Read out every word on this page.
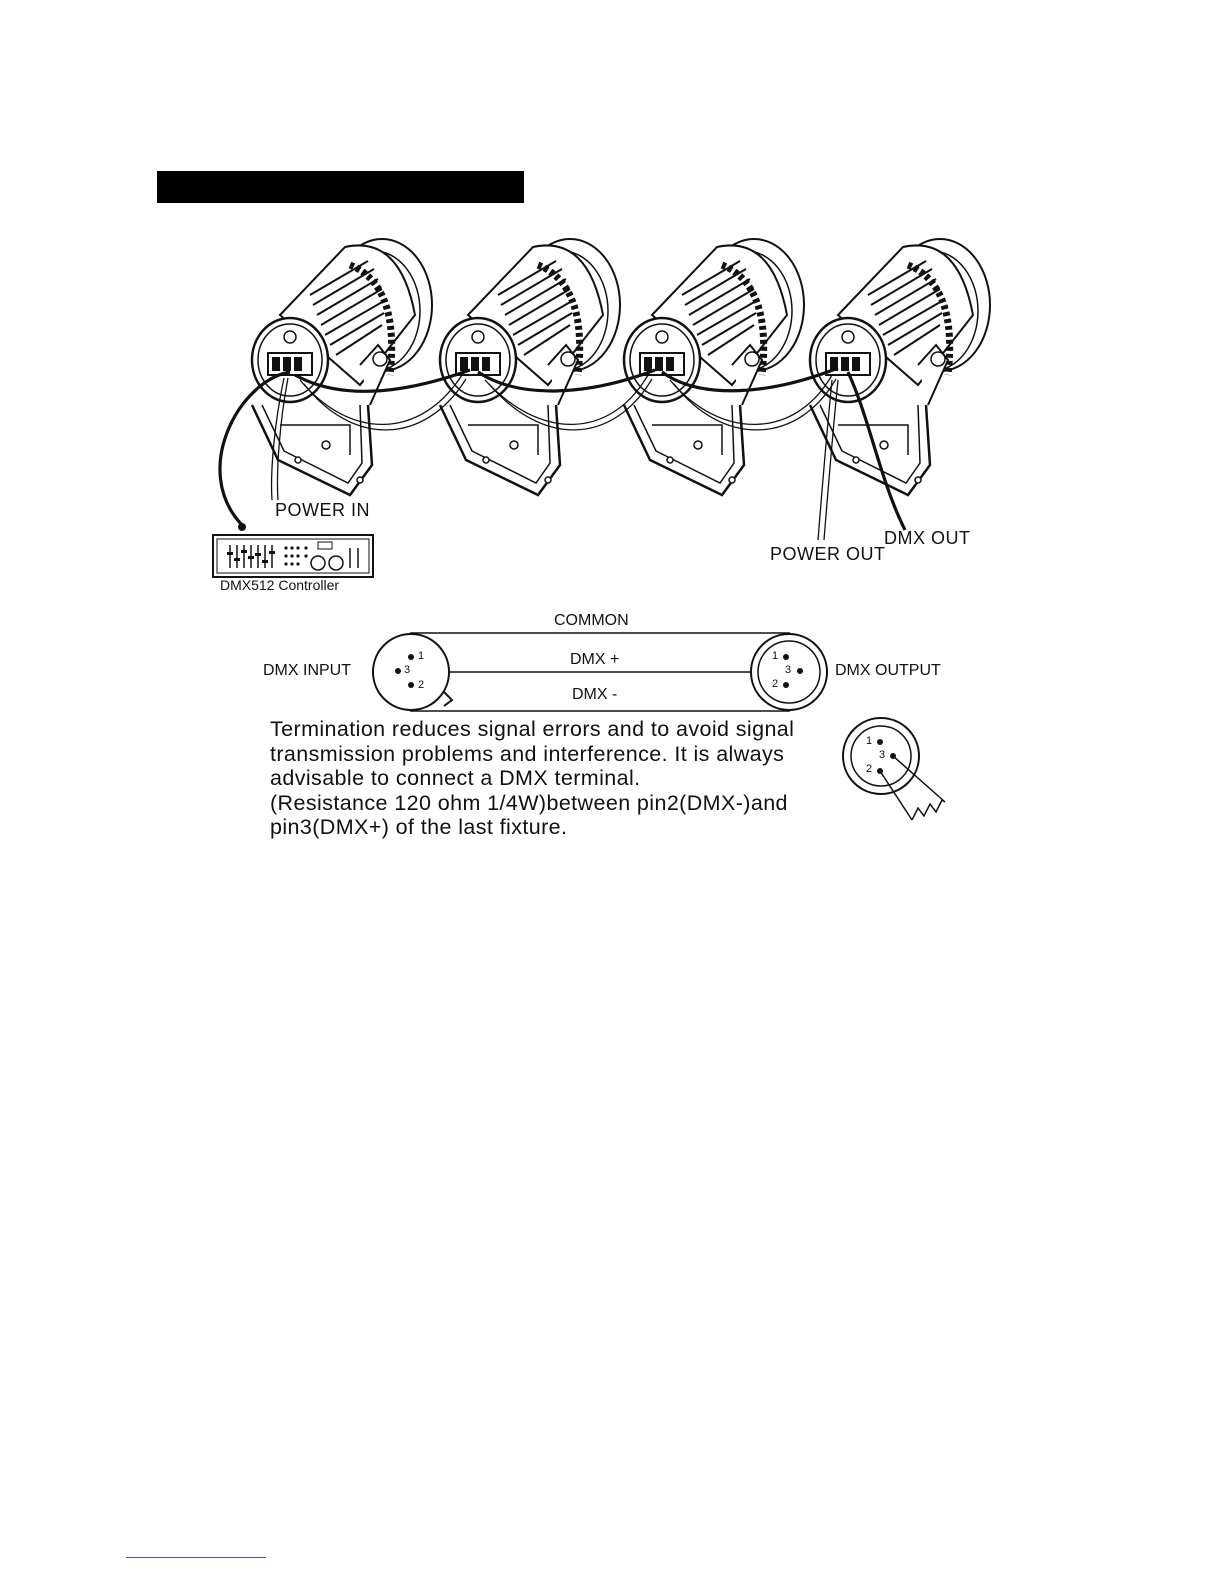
POWER IN
POWER OUT
DMX OUT
DMX512 Controller
COMMON
DMX +
DMX -
DMX INPUT	DMX OUTPUT
1
3
2
1
3
2
1
3
2
Termination reduces signal errors and to avoid signal
transmission problems and interference. It is always
advisable to connect a DMX terminal.
(Resistance 120 ohm 1/4W)between pin2(DMX-)and
pin3(DMX+) of the last fixture.
